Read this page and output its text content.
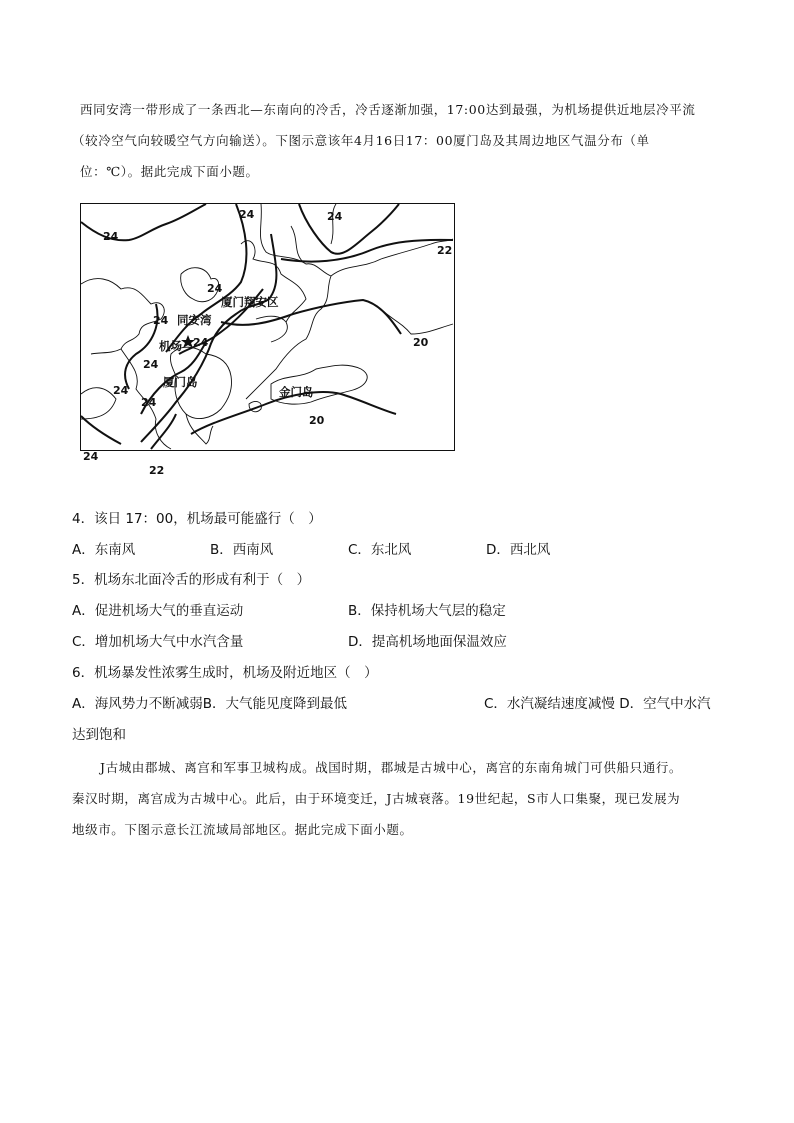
西同安湾一带形成了一条西北—东南向的冷舌，冷舌逐渐加强，17:00达到最强，为机场提供近地层冷平流
（较冷空气向较暖空气方向输送）。下图示意该年4月16日17：00厦门岛及其周边地区气温分布（单
位：℃）。据此完成下面小题。
24
24	24
22
24
24
24
24
24
24
24
20
20
22
厦门翔安区
同安湾
机场
厦门岛
金门岛
4．该日 17：00，机场最可能盛行（　）
A．东南风	B．西南风	C．东北风	D．西北风
5．机场东北面冷舌的形成有利于（　）
A．促进机场大气的垂直运动	B．保持机场大气层的稳定
C．增加机场大气中水汽含量	D．提高机场地面保温效应
6．机场暴发性浓雾生成时，机场及附近地区（　）
A．海风势力不断减弱B．大气能见度降到最低	C．水汽凝结速度减慢 D．空气中水汽
达到饱和
J古城由郡城、离宫和军事卫城构成。战国时期，郡城是古城中心，离宫的东南角城门可供船只通行。
秦汉时期，离宫成为古城中心。此后，由于环境变迁，J古城衰落。19世纪起，S市人口集聚，现已发展为
地级市。下图示意长江流域局部地区。据此完成下面小题。
